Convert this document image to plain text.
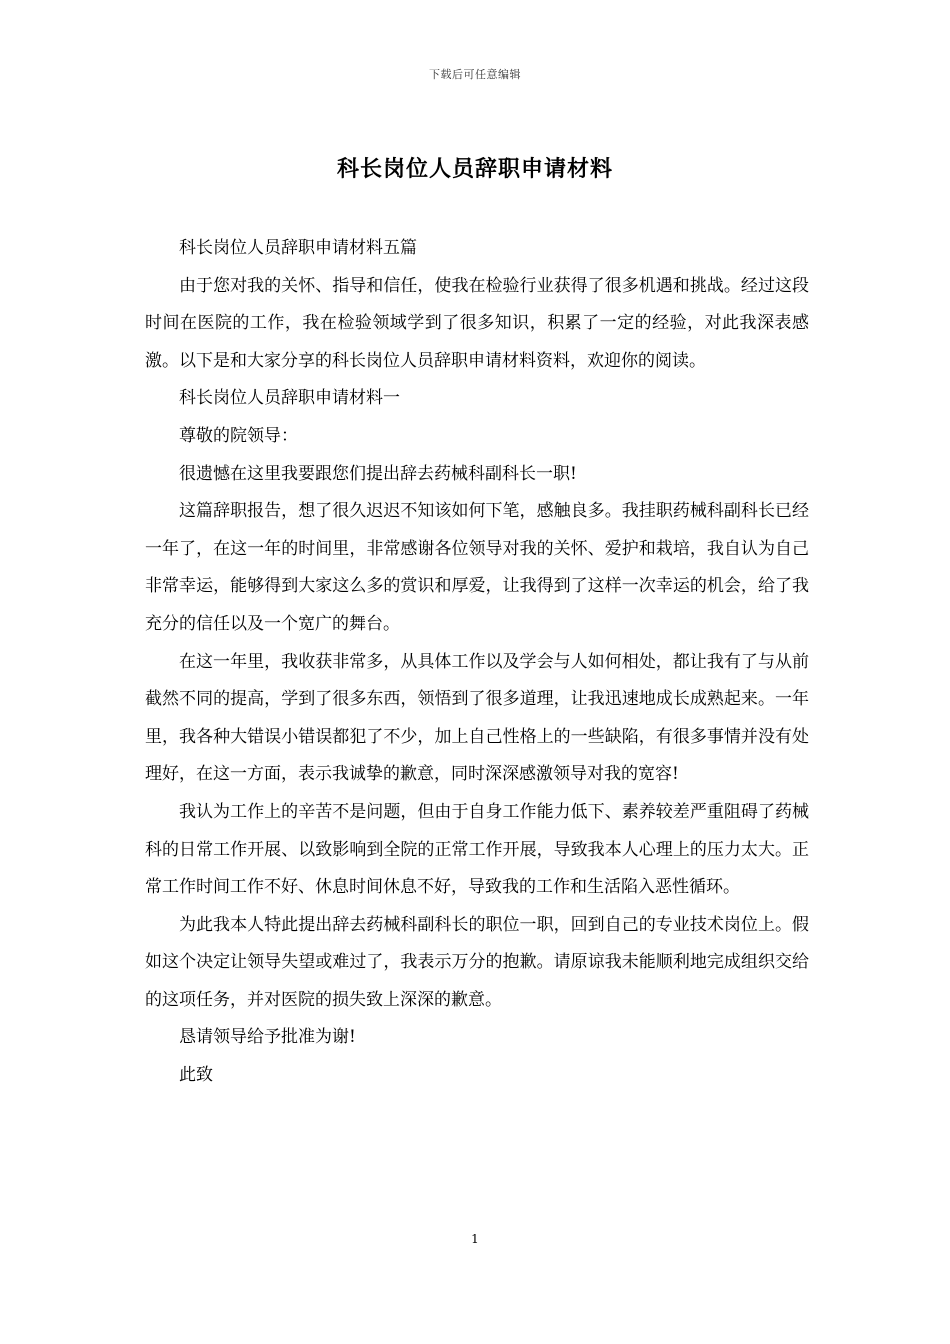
下载后可任意编辑
科长岗位人员辞职申请材料

科长岗位人员辞职申请材料五篇

由于您对我的关怀、指导和信任，使我在检验行业获得了很多机遇和挑战。经过这段时间在医院的工作，我在检验领域学到了很多知识，积累了一定的经验，对此我深表感激。以下是和大家分享的科长岗位人员辞职申请材料资料，欢迎你的阅读。

科长岗位人员辞职申请材料一

尊敬的院领导：

很遗憾在这里我要跟您们提出辞去药械科副科长一职!

这篇辞职报告，想了很久迟迟不知该如何下笔，感触良多。我挂职药械科副科长已经一年了，在这一年的时间里，非常感谢各位领导对我的关怀、爱护和栽培，我自认为自己非常幸运，能够得到大家这么多的赏识和厚爱，让我得到了这样一次幸运的机会，给了我充分的信任以及一个宽广的舞台。

在这一年里，我收获非常多，从具体工作以及学会与人如何相处，都让我有了与从前截然不同的提高，学到了很多东西，领悟到了很多道理，让我迅速地成长成熟起来。一年里，我各种大错误小错误都犯了不少，加上自己性格上的一些缺陷，有很多事情并没有处理好，在这一方面，表示我诚挚的歉意，同时深深感激领导对我的宽容!

我认为工作上的辛苦不是问题，但由于自身工作能力低下、素养较差严重阻碍了药械科的日常工作开展、以致影响到全院的正常工作开展，导致我本人心理上的压力太大。正常工作时间工作不好、休息时间休息不好，导致我的工作和生活陷入恶性循环。

为此我本人特此提出辞去药械科副科长的职位一职，回到自己的专业技术岗位上。假如这个决定让领导失望或难过了，我表示万分的抱歉。请原谅我未能顺利地完成组织交给的这项任务，并对医院的损失致上深深的歉意。

恳请领导给予批准为谢!

此致

1
